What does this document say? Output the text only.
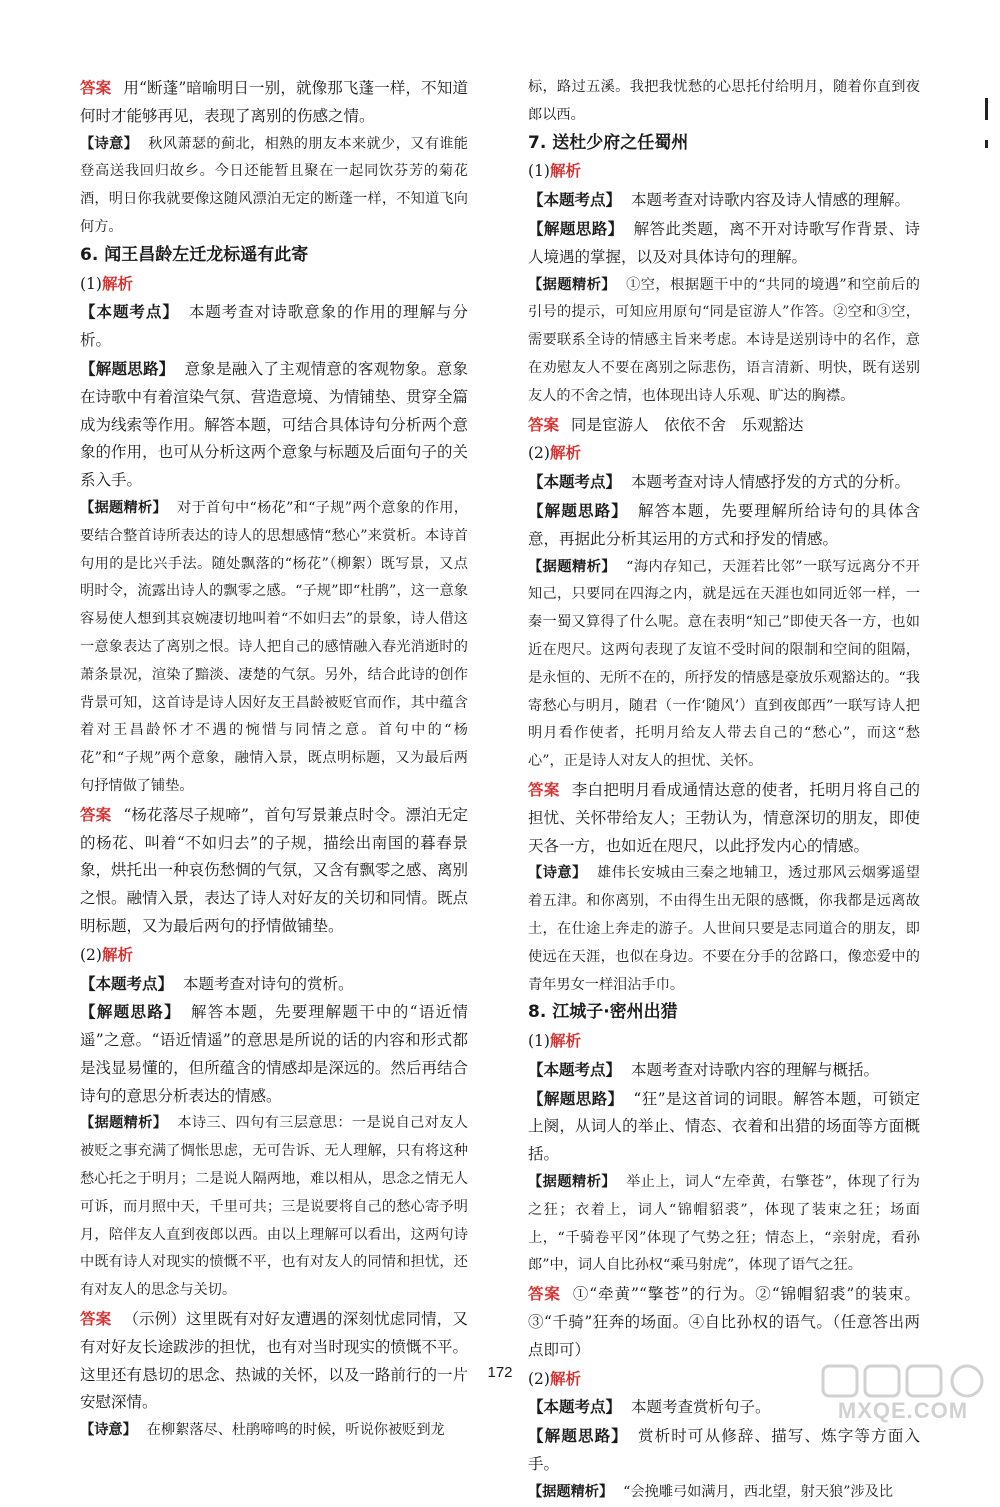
答案 用“断蓬”暗喻明日一别，就像那飞蓬一样，不知道何时才能够再见，表现了离别的伤感之情。

【诗意】 秋风萧瑟的蓟北，相熟的朋友本来就少，又有谁能登高送我回归故乡。今日还能暂且聚在一起同饮芬芳的菊花酒，明日你我就要像这随风漂泊无定的断蓬一样，不知道飞向何方。

6. 闻王昌龄左迁龙标遥有此寄

(1)解析

【本题考点】 本题考查对诗歌意象的作用的理解与分析。

【解题思路】 意象是融入了主观情意的客观物象。意象在诗歌中有着渲染气氛、营造意境、为情铺垫、贯穿全篇成为线索等作用。解答本题，可结合具体诗句分析两个意象的作用，也可从分析这两个意象与标题及后面句子的关系入手。

【据题精析】 对于首句中“杨花”和“子规”两个意象的作用，要结合整首诗所表达的诗人的思想感情“愁心”来赏析。本诗首句用的是比兴手法。随处飘落的“杨花”（柳絮）既写景，又点明时令，流露出诗人的飘零之感。“子规”即“杜鹃”，这一意象容易使人想到其哀婉凄切地叫着“不如归去”的景象，诗人借这一意象表达了离别之恨。诗人把自己的感情融入春光消逝时的萧条景况，渲染了黯淡、凄楚的气氛。另外，结合此诗的创作背景可知，这首诗是诗人因好友王昌龄被贬官而作，其中蕴含着对王昌龄怀才不遇的惋惜与同情之意。首句中的“杨花”和“子规”两个意象，融情入景，既点明标题，又为最后两句抒情做了铺垫。

答案 “杨花落尽子规啼”，首句写景兼点时令。漂泊无定的杨花、叫着“不如归去”的子规，描绘出南国的暮春景象，烘托出一种哀伤愁惆的气氛，又含有飘零之感、离别之恨。融情入景，表达了诗人对好友的关切和同情。既点明标题，又为最后两句的抒情做铺垫。

(2)解析

【本题考点】 本题考查对诗句的赏析。

【解题思路】 解答本题，先要理解题干中的“语近情遥”之意。“语近情遥”的意思是所说的话的内容和形式都是浅显易懂的，但所蕴含的情感却是深远的。然后再结合诗句的意思分析表达的情感。

【据题精析】 本诗三、四句有三层意思：一是说自己对友人被贬之事充满了惆怅思虑，无可告诉、无人理解，只有将这种愁心托之于明月；二是说人隔两地，难以相从，思念之情无人可诉，而月照中天，千里可共；三是说要将自己的愁心寄予明月，陪伴友人直到夜郎以西。由以上理解可以看出，这两句诗中既有诗人对现实的愤慨不平，也有对友人的同情和担忧，还有对友人的思念与关切。

答案 （示例）这里既有对好友遭遇的深刻忧虑同情，又有对好友长途跋涉的担忧，也有对当时现实的愤慨不平。这里还有恳切的思念、热诚的关怀，以及一路前行的一片安慰深情。

【诗意】 在柳絮落尽、杜鹃啼鸣的时候，听说你被贬到龙

标，路过五溪。我把我忧愁的心思托付给明月，随着你直到夜郎以西。

7. 送杜少府之任蜀州

(1)解析

【本题考点】 本题考查对诗歌内容及诗人情感的理解。

【解题思路】 解答此类题，离不开对诗歌写作背景、诗人境遇的掌握，以及对具体诗句的理解。

【据题精析】 ①空，根据题干中的“共同的境遇”和空前后的引号的提示，可知应用原句“同是宦游人”作答。②空和③空，需要联系全诗的情感主旨来考虑。本诗是送别诗中的名作，意在劝慰友人不要在离别之际悲伤，语言清新、明快，既有送别友人的不舍之情，也体现出诗人乐观、旷达的胸襟。

答案 同是宦游人　依依不舍　乐观豁达

(2)解析

【本题考点】 本题考查对诗人情感抒发的方式的分析。

【解题思路】 解答本题，先要理解所给诗句的具体含意，再据此分析其运用的方式和抒发的情感。

【据题精析】 “海内存知己，天涯若比邻”一联写远离分不开知己，只要同在四海之内，就是远在天涯也如同近邻一样，一秦一蜀又算得了什么呢。意在表明“知己”即使天各一方，也如近在咫尺。这两句表现了友谊不受时间的限制和空间的阻隔，是永恒的、无所不在的，所抒发的情感是豪放乐观豁达的。“我寄愁心与明月，随君（一作‘随风’）直到夜郎西”一联写诗人把明月看作使者，托明月给友人带去自己的“愁心”，而这“愁心”，正是诗人对友人的担忧、关怀。

答案 李白把明月看成通情达意的使者，托明月将自己的担忧、关怀带给友人；王勃认为，情意深切的朋友，即使天各一方，也如近在咫尺，以此抒发内心的情感。

【诗意】 雄伟长安城由三秦之地辅卫，透过那风云烟雾遥望着五津。和你离别，不由得生出无限的感慨，你我都是远离故土，在仕途上奔走的游子。人世间只要是志同道合的朋友，即使远在天涯，也似在身边。不要在分手的岔路口，像恋爱中的青年男女一样泪沾手巾。

8. 江城子·密州出猎

(1)解析

【本题考点】 本题考查对诗歌内容的理解与概括。

【解题思路】 “狂”是这首词的词眼。解答本题，可锁定上阕，从词人的举止、情态、衣着和出猎的场面等方面概括。

【据题精析】 举止上，词人“左牵黄，右擎苍”，体现了行为之狂；衣着上，词人“锦帽貂裘”，体现了装束之狂；场面上，“千骑卷平冈”体现了气势之狂；情态上，“亲射虎，看孙郎”中，词人自比孙权“乘马射虎”，体现了语气之狂。

答案 ①“牵黄”“擎苍”的行为。②“锦帽貂裘”的装束。③“千骑”狂奔的场面。④自比孙权的语气。（任意答出两点即可）

(2)解析

【本题考点】 本题考查赏析句子。

【解题思路】 赏析时可从修辞、描写、炼字等方面入手。

【据题精析】 “会挽雕弓如满月，西北望，射天狼”涉及比

172
MXQE.COM
